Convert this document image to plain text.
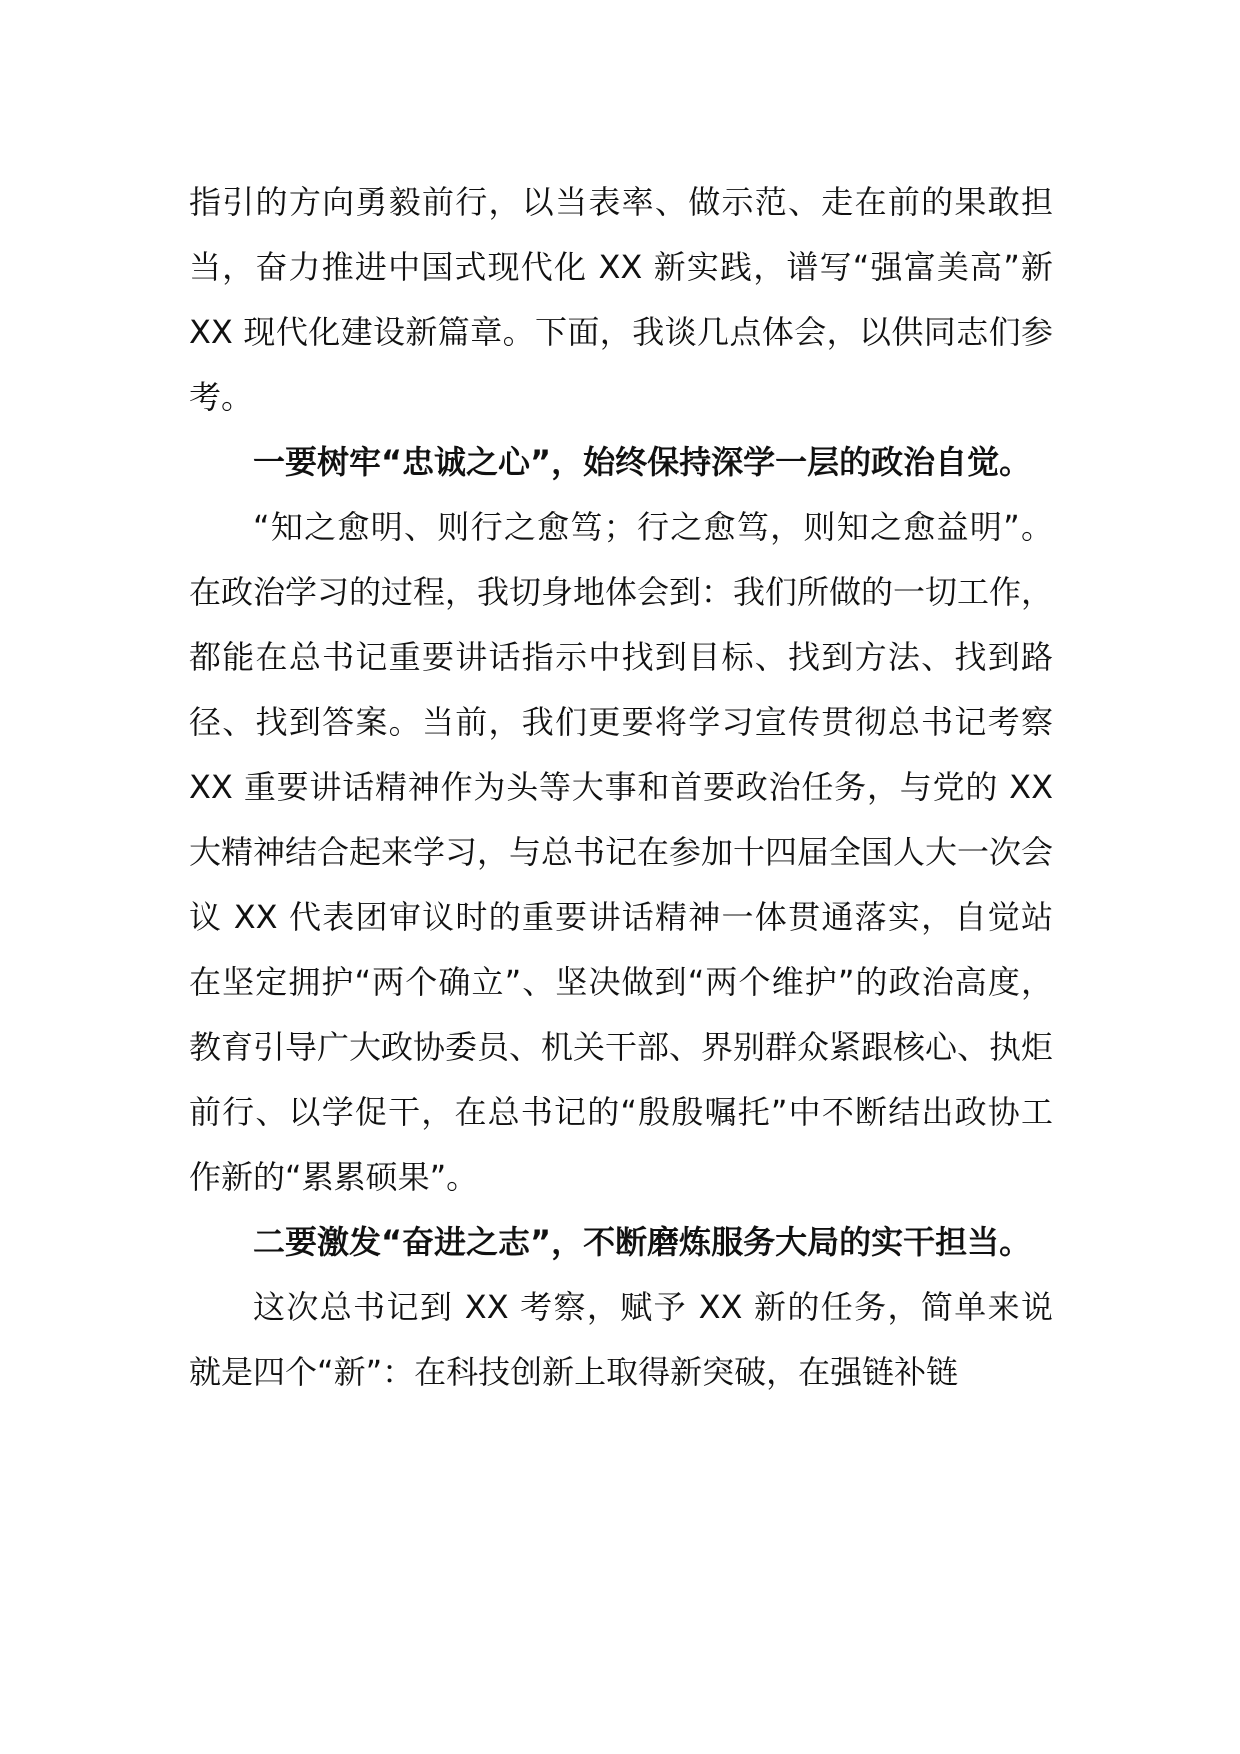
指引的方向勇毅前行，以当表率、做示范、走在前的果敢担当，奋力推进中国式现代化 XX 新实践，谱写“强富美高”新 XX 现代化建设新篇章。下面，我谈几点体会，以供同志们参考。

一要树牢“忠诚之心”，始终保持深学一层的政治自觉。

“知之愈明、则行之愈笃；行之愈笃，则知之愈益明”。在政治学习的过程，我切身地体会到：我们所做的一切工作，都能在总书记重要讲话指示中找到目标、找到方法、找到路径、找到答案。当前，我们更要将学习宣传贯彻总书记考察 XX 重要讲话精神作为头等大事和首要政治任务，与党的 XX 大精神结合起来学习，与总书记在参加十四届全国人大一次会议 XX 代表团审议时的重要讲话精神一体贯通落实，自觉站在坚定拥护“两个确立”、坚决做到“两个维护”的政治高度，教育引导广大政协委员、机关干部、界别群众紧跟核心、执炬前行、以学促干，在总书记的“殷殷嘱托”中不断结出政协工作新的“累累硕果”。

二要激发“奋进之志”，不断磨炼服务大局的实干担当。

这次总书记到 XX 考察，赋予 XX 新的任务，简单来说就是四个“新”：在科技创新上取得新突破，在强链补链
